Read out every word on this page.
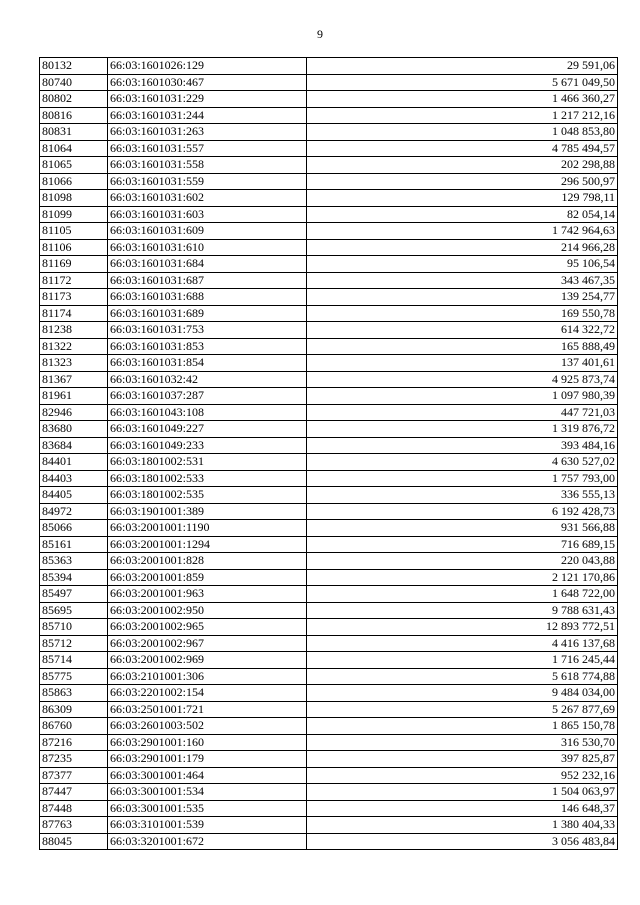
9
80132	66:03:1601026:129	29 591,06
80740	66:03:1601030:467	5 671 049,50
80802	66:03:1601031:229	1 466 360,27
80816	66:03:1601031:244	1 217 212,16
80831	66:03:1601031:263	1 048 853,80
81064	66:03:1601031:557	4 785 494,57
81065	66:03:1601031:558	202 298,88
81066	66:03:1601031:559	296 500,97
81098	66:03:1601031:602	129 798,11
81099	66:03:1601031:603	82 054,14
81105	66:03:1601031:609	1 742 964,63
81106	66:03:1601031:610	214 966,28
81169	66:03:1601031:684	95 106,54
81172	66:03:1601031:687	343 467,35
81173	66:03:1601031:688	139 254,77
81174	66:03:1601031:689	169 550,78
81238	66:03:1601031:753	614 322,72
81322	66:03:1601031:853	165 888,49
81323	66:03:1601031:854	137 401,61
81367	66:03:1601032:42	4 925 873,74
81961	66:03:1601037:287	1 097 980,39
82946	66:03:1601043:108	447 721,03
83680	66:03:1601049:227	1 319 876,72
83684	66:03:1601049:233	393 484,16
84401	66:03:1801002:531	4 630 527,02
84403	66:03:1801002:533	1 757 793,00
84405	66:03:1801002:535	336 555,13
84972	66:03:1901001:389	6 192 428,73
85066	66:03:2001001:1190	931 566,88
85161	66:03:2001001:1294	716 689,15
85363	66:03:2001001:828	220 043,88
85394	66:03:2001001:859	2 121 170,86
85497	66:03:2001001:963	1 648 722,00
85695	66:03:2001002:950	9 788 631,43
85710	66:03:2001002:965	12 893 772,51
85712	66:03:2001002:967	4 416 137,68
85714	66:03:2001002:969	1 716 245,44
85775	66:03:2101001:306	5 618 774,88
85863	66:03:2201002:154	9 484 034,00
86309	66:03:2501001:721	5 267 877,69
86760	66:03:2601003:502	1 865 150,78
87216	66:03:2901001:160	316 530,70
87235	66:03:2901001:179	397 825,87
87377	66:03:3001001:464	952 232,16
87447	66:03:3001001:534	1 504 063,97
87448	66:03:3001001:535	146 648,37
87763	66:03:3101001:539	1 380 404,33
88045	66:03:3201001:672	3 056 483,84
